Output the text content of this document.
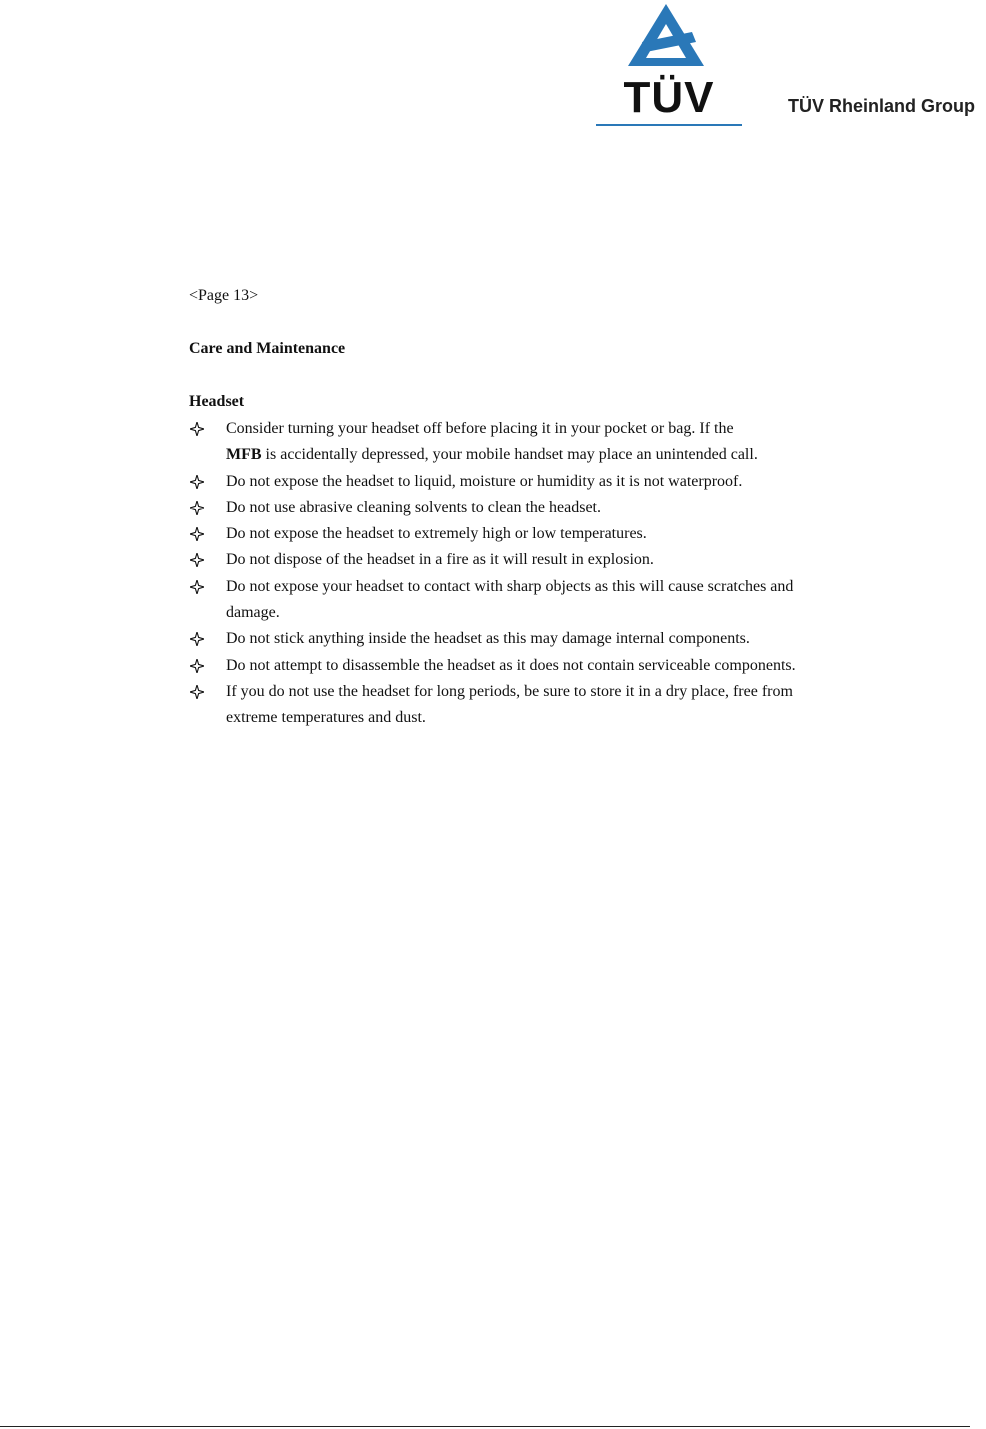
TÜV	TÜV Rheinland Group
<Page 13>
Care and Maintenance
Headset
Consider turning your headset off before placing it in your pocket or bag. If the
MFB is accidentally depressed, your mobile handset may place an unintended call.
Do not expose the headset to liquid, moisture or humidity as it is not waterproof.
Do not use abrasive cleaning solvents to clean the headset.
Do not expose the headset to extremely high or low temperatures.
Do not dispose of the headset in a fire as it will result in explosion.
Do not expose your headset to contact with sharp objects as this will cause scratches and damage.
Do not stick anything inside the headset as this may damage internal components.
Do not attempt to disassemble the headset as it does not contain serviceable components.
If you do not use the headset for long periods, be sure to store it in a dry place, free from extreme temperatures and dust.
